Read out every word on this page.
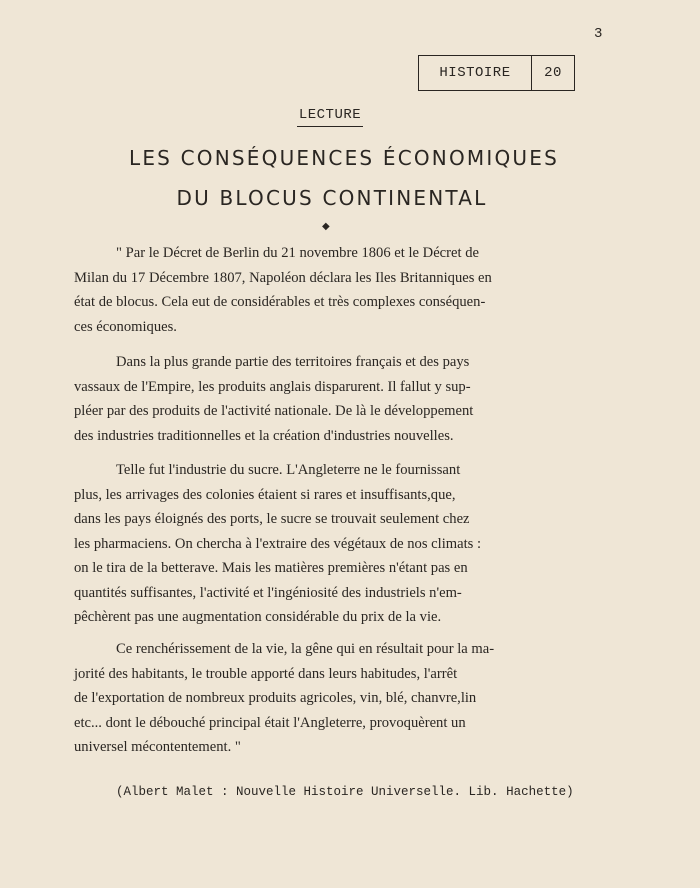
3
HISTOIRE	20
LECTURE
LES CONSÉQUENCES ÉCONOMIQUES
DU BLOCUS CONTINENTAL
◆
" Par le Décret de Berlin du 21 novembre 1806 et le Décret de
Milan du 17 Décembre 1807, Napoléon déclara les Iles Britanniques en
état de blocus. Cela eut de considérables et très complexes conséquen-
ces économiques.
Dans la plus grande partie des territoires français et des pays
vassaux de l'Empire, les produits anglais disparurent. Il fallut y sup-
pléer par des produits de l'activité nationale. De là le développement
des industries traditionnelles et la création d'industries nouvelles.
Telle fut l'industrie du sucre. L'Angleterre ne le fournissant
plus, les arrivages des colonies étaient si rares et insuffisants,que,
dans les pays éloignés des ports, le sucre se trouvait seulement chez
les pharmaciens. On chercha à l'extraire des végétaux de nos climats :
on le tira de la betterave. Mais les matières premières n'étant pas en
quantités suffisantes, l'activité et l'ingéniosité des industriels n'em-
pêchèrent pas une augmentation considérable du prix de la vie.
Ce renchérissement de la vie, la gêne qui en résultait pour la ma-
jorité des habitants, le trouble apporté dans leurs habitudes, l'arrêt
de l'exportation de nombreux produits agricoles, vin, blé, chanvre,lin
etc... dont le débouché principal était l'Angleterre, provoquèrent un
universel mécontentement. "
(Albert Malet : Nouvelle Histoire Universelle. Lib. Hachette)
